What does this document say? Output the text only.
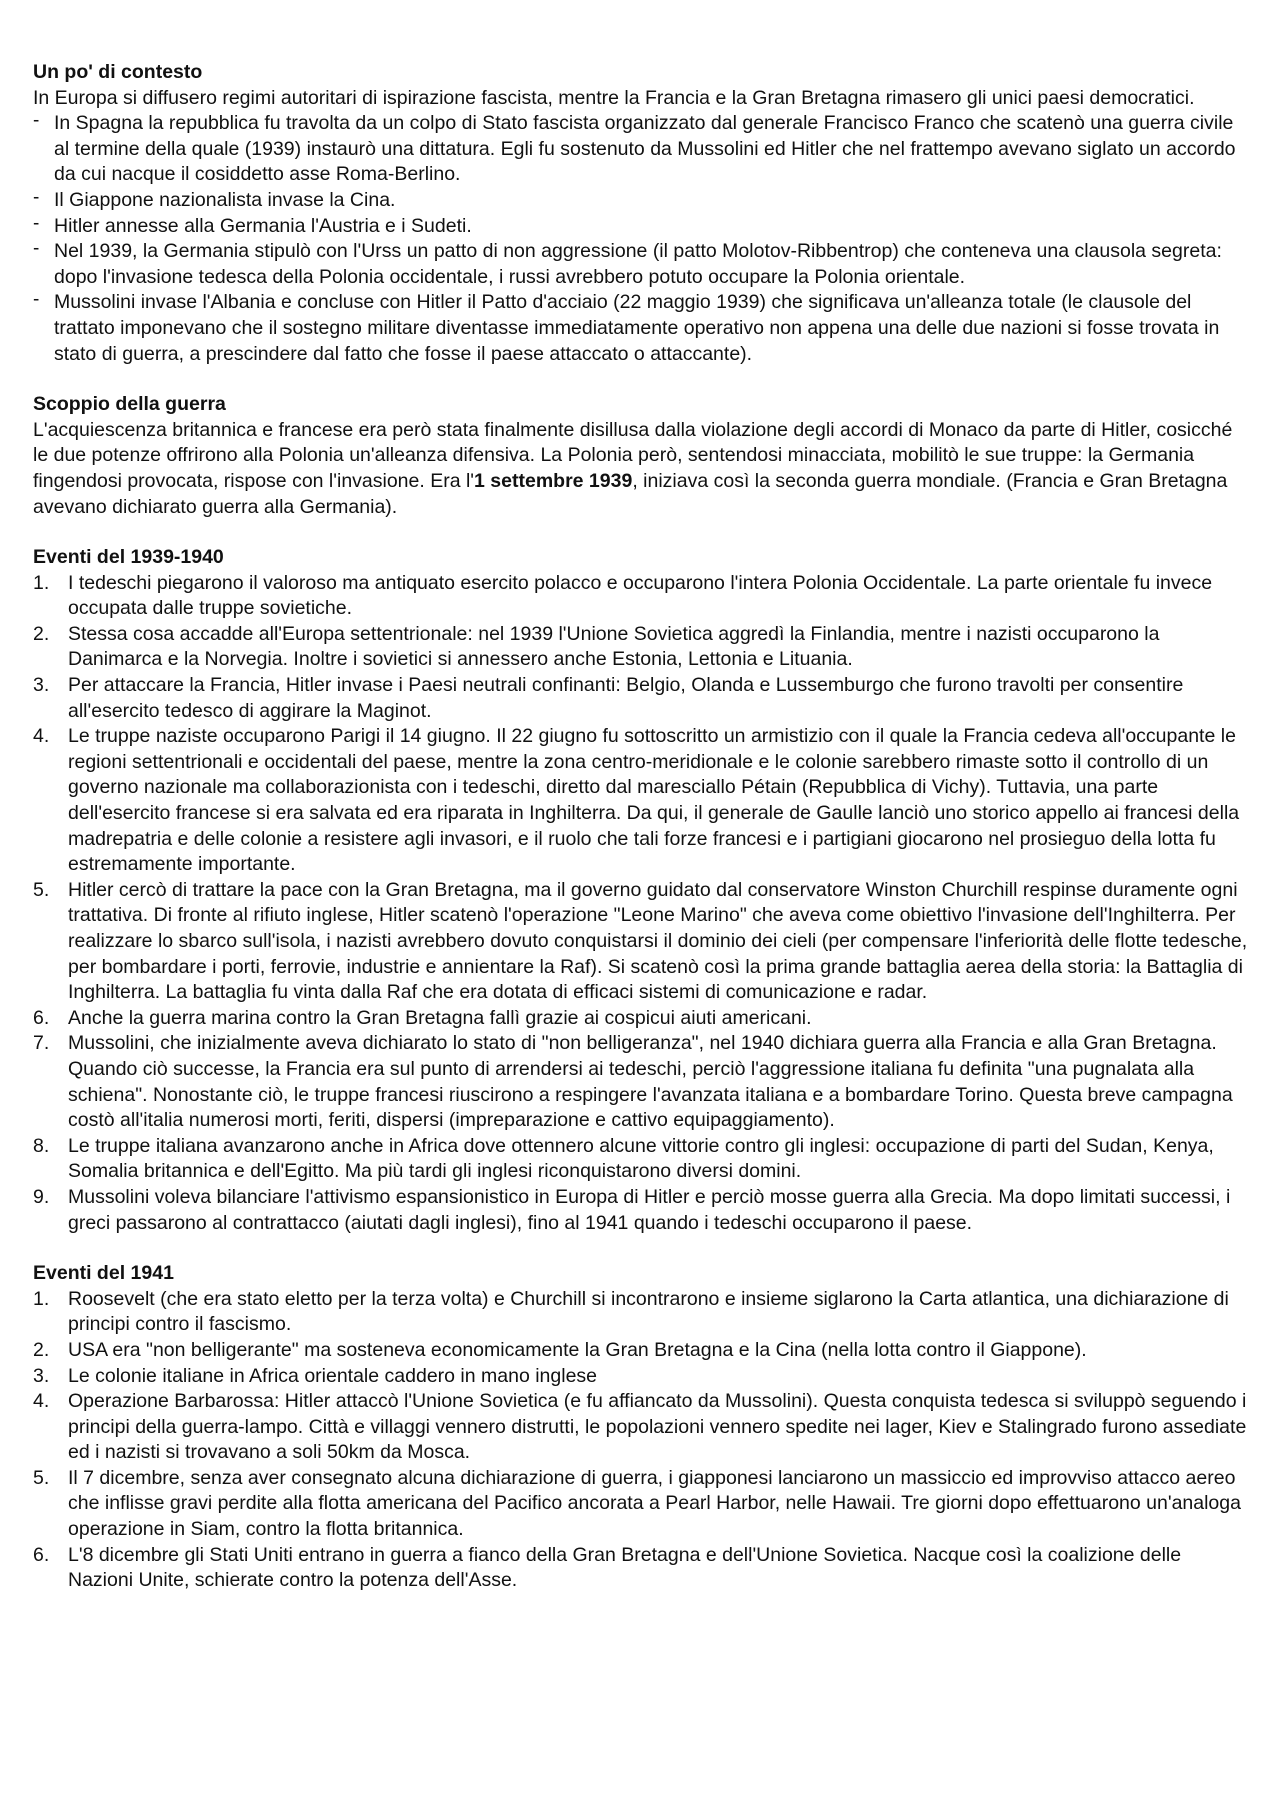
Un po' di contesto
In Europa si diffusero regimi autoritari di ispirazione fascista, mentre la Francia e la Gran Bretagna rimasero gli unici paesi democratici.
- In Spagna la repubblica fu travolta da un colpo di Stato fascista organizzato dal generale Francisco Franco che scatenò una guerra civile al termine della quale (1939) instaurò una dittatura. Egli fu sostenuto da Mussolini ed Hitler che nel frattempo avevano siglato un accordo da cui nacque il cosiddetto asse Roma-Berlino.
- Il Giappone nazionalista invase la Cina.
- Hitler annesse alla Germania l'Austria e i Sudeti.
- Nel 1939, la Germania stipulò con l'Urss un patto di non aggressione (il patto Molotov-Ribbentrop) che conteneva una clausola segreta: dopo l'invasione tedesca della Polonia occidentale, i russi avrebbero potuto occupare la Polonia orientale.
- Mussolini invase l'Albania e concluse con Hitler il Patto d'acciaio (22 maggio 1939) che significava un'alleanza totale (le clausole del trattato imponevano che il sostegno militare diventasse immediatamente operativo non appena una delle due nazioni si fosse trovata in stato di guerra, a prescindere dal fatto che fosse il paese attaccato o attaccante).
Scoppio della guerra
L'acquiescenza britannica e francese era però stata finalmente disillusa dalla violazione degli accordi di Monaco da parte di Hitler, cosicché le due potenze offrirono alla Polonia un'alleanza difensiva. La Polonia però, sentendosi minacciata, mobilitò le sue truppe: la Germania fingendosi provocata, rispose con l'invasione. Era l'1 settembre 1939, iniziava così la seconda guerra mondiale. (Francia e Gran Bretagna avevano dichiarato guerra alla Germania).
Eventi del 1939-1940
1. I tedeschi piegarono il valoroso ma antiquato esercito polacco e occuparono l'intera Polonia Occidentale. La parte orientale fu invece occupata dalle truppe sovietiche.
2. Stessa cosa accadde all'Europa settentrionale: nel 1939 l'Unione Sovietica aggredì la Finlandia, mentre i nazisti occuparono la Danimarca e la Norvegia. Inoltre i sovietici si annessero anche Estonia, Lettonia e Lituania.
3. Per attaccare la Francia, Hitler invase i Paesi neutrali confinanti: Belgio, Olanda e Lussemburgo che furono travolti per consentire all'esercito tedesco di aggirare la Maginot.
4. Le truppe naziste occuparono Parigi il 14 giugno. Il 22 giugno fu sottoscritto un armistizio con il quale la Francia cedeva all'occupante le regioni settentrionali e occidentali del paese, mentre la zona centro-meridionale e le colonie sarebbero rimaste sotto il controllo di un governo nazionale ma collaborazionista con i tedeschi, diretto dal maresciallo Pétain (Repubblica di Vichy). Tuttavia, una parte dell'esercito francese si era salvata ed era riparata in Inghilterra. Da qui, il generale de Gaulle lanciò uno storico appello ai francesi della madrepatria e delle colonie a resistere agli invasori, e il ruolo che tali forze francesi e i partigiani giocarono nel prosieguo della lotta fu estremamente importante.
5. Hitler cercò di trattare la pace con la Gran Bretagna, ma il governo guidato dal conservatore Winston Churchill respinse duramente ogni trattativa. Di fronte al rifiuto inglese, Hitler scatenò l'operazione "Leone Marino" che aveva come obiettivo l'invasione dell'Inghilterra. Per realizzare lo sbarco sull'isola, i nazisti avrebbero dovuto conquistarsi il dominio dei cieli (per compensare l'inferiorità delle flotte tedesche, per bombardare i porti, ferrovie, industrie e annientare la Raf). Si scatenò così la prima grande battaglia aerea della storia: la Battaglia di Inghilterra. La battaglia fu vinta dalla Raf che era dotata di efficaci sistemi di comunicazione e radar.
6. Anche la guerra marina contro la Gran Bretagna fallì grazie ai cospicui aiuti americani.
7. Mussolini, che inizialmente aveva dichiarato lo stato di "non belligeranza", nel 1940 dichiara guerra alla Francia e alla Gran Bretagna. Quando ciò successe, la Francia era sul punto di arrendersi ai tedeschi, perciò l'aggressione italiana fu definita "una pugnalata alla schiena". Nonostante ciò, le truppe francesi riuscirono a respingere l'avanzata italiana e a bombardare Torino. Questa breve campagna costò all'italia numerosi morti, feriti, dispersi (impreparazione e cattivo equipaggiamento).
8. Le truppe italiana avanzarono anche in Africa dove ottennero alcune vittorie contro gli inglesi: occupazione di parti del Sudan, Kenya, Somalia britannica e dell'Egitto. Ma più tardi gli inglesi riconquistarono diversi domini.
9. Mussolini voleva bilanciare l'attivismo espansionistico in Europa di Hitler e perciò mosse guerra alla Grecia. Ma dopo limitati successi, i greci passarono al contrattacco (aiutati dagli inglesi), fino al 1941 quando i tedeschi occuparono il paese.
Eventi del 1941
1. Roosevelt (che era stato eletto per la terza volta) e Churchill si incontrarono e insieme siglarono la Carta atlantica, una dichiarazione di principi contro il fascismo.
2. USA era "non belligerante" ma sosteneva economicamente la Gran Bretagna e la Cina (nella lotta contro il Giappone).
3. Le colonie italiane in Africa orientale caddero in mano inglese
4. Operazione Barbarossa: Hitler attaccò l'Unione Sovietica (e fu affiancato da Mussolini). Questa conquista tedesca si sviluppò seguendo i principi della guerra-lampo. Città e villaggi vennero distrutti, le popolazioni vennero spedite nei lager, Kiev e Stalingrado furono assediate ed i nazisti si trovavano a soli 50km da Mosca.
5. Il 7 dicembre, senza aver consegnato alcuna dichiarazione di guerra, i giapponesi lanciarono un massiccio ed improvviso attacco aereo che inflisse gravi perdite alla flotta americana del Pacifico ancorata a Pearl Harbor, nelle Hawaii. Tre giorni dopo effettuarono un'analoga operazione in Siam, contro la flotta britannica.
6. L'8 dicembre gli Stati Uniti entrano in guerra a fianco della Gran Bretagna e dell'Unione Sovietica. Nacque così la coalizione delle Nazioni Unite, schierate contro la potenza dell'Asse.
